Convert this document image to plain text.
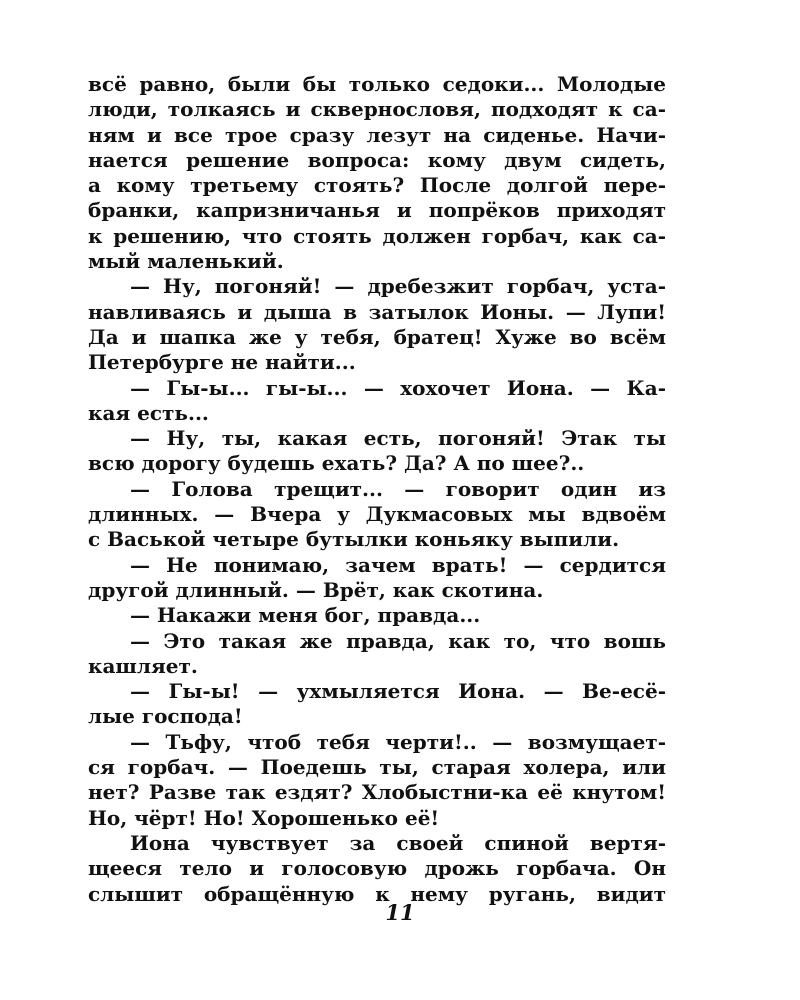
всё равно, были бы только седоки... Молодые
люди, толкаясь и сквернословя, подходят к са-
ням и все трое сразу лезут на сиденье. Начи-
нается решение вопроса: кому двум сидеть,
а кому третьему стоять? После долгой пере-
бранки, капризничанья и попрёков приходят
к решению, что стоять должен горбач, как са-
мый маленький.
— Ну, погоняй! — дребезжит горбач, уста-
навливаясь и дыша в затылок Ионы. — Лупи!
Да и шапка же у тебя, братец! Хуже во всём
Петербурге не найти...
— Гы-ы... гы-ы... — хохочет Иона. — Ка-
кая есть...
— Ну, ты, какая есть, погоняй! Этак ты
всю дорогу будешь ехать? Да? А по шее?..
— Голова трещит... — говорит один из
длинных. — Вчера у Дукмасовых мы вдвоём
с Васькой четыре бутылки коньяку выпили.
— Не понимаю, зачем врать! — сердится
другой длинный. — Врёт, как скотина.
— Накажи меня бог, правда...
— Это такая же правда, как то, что вошь
кашляет.
— Гы-ы! — ухмыляется Иона. — Ве-есё-
лые господа!
— Тьфу, чтоб тебя черти!.. — возмущает-
ся горбач. — Поедешь ты, старая холера, или
нет? Разве так ездят? Хлобыстни-ка её кнутом!
Но, чёрт! Но! Хорошенько её!
Иона чувствует за своей спиной вертя-
щееся тело и голосовую дрожь горбача. Он
слышит обращённую к нему ругань, видит
11
